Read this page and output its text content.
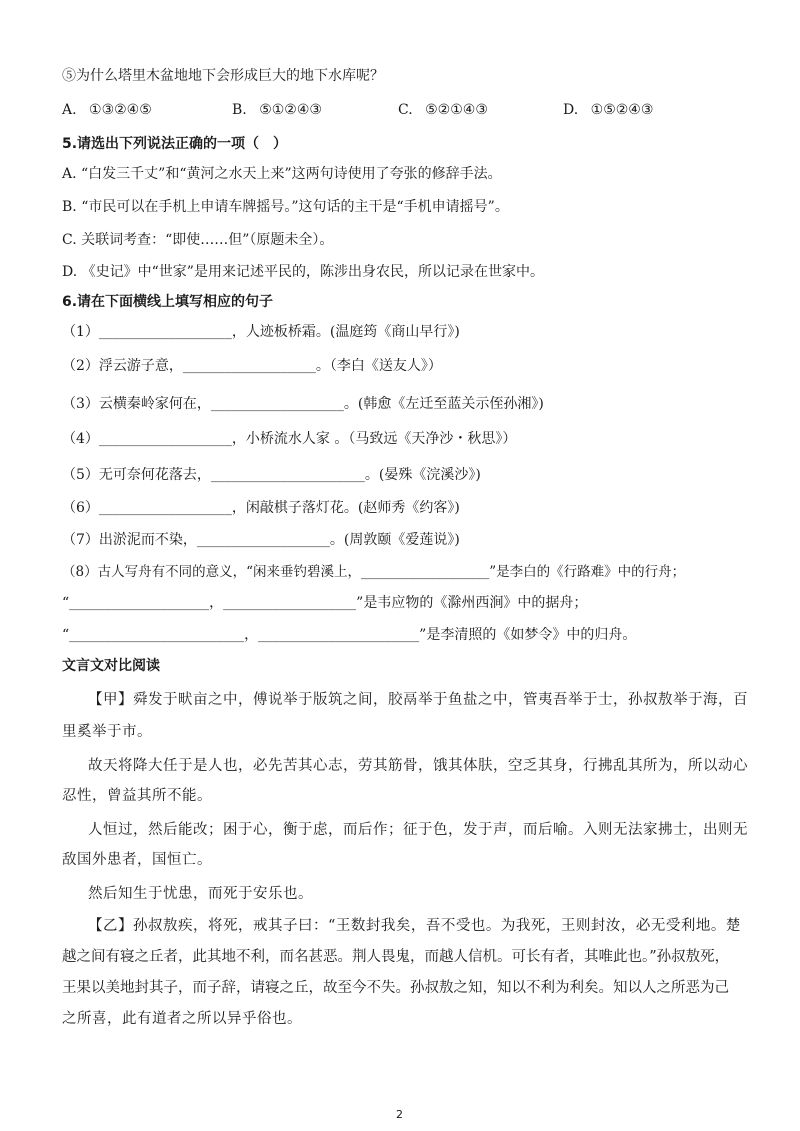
⑤为什么塔里木盆地地下会形成巨大的地下水库呢？
A. ①③②④⑤	B. ⑤①②④③	C. ⑤②①④③	D. ①⑤②④③
5.请选出下列说法正确的一项（　）
A. “白发三千丈”和“黄河之水天上来”这两句诗使用了夸张的修辞手法。
B. “市民可以在手机上申请车牌摇号。”这句话的主干是“手机申请摇号”。
C. 关联词考查：“即使……但”（原题未全）。
D. 《史记》中“世家”是用来记述平民的，陈涉出身农民，所以记录在世家中。
6.请在下面横线上填写相应的句子
（1）___________________，人迹板桥霜。(温庭筠《商山早行》)
（2）浮云游子意，___________________。（李白《送友人》）
（3）云横秦岭家何在，___________________。(韩愈《左迁至蓝关示侄孙湘》)
（4）___________________，小桥流水人家 。（马致远《天净沙・秋思》）
（5）无可奈何花落去，______________________。(晏殊《浣溪沙》)
（6）___________________，闲敲棋子落灯花。(赵师秀《约客》)
（7）出淤泥而不染，___________________。(周敦颐《爱莲说》)
（8）古人写舟有不同的意义，“闲来垂钓碧溪上，___________________”是李白的《行路难》中的行舟；
“____________________，___________________”是韦应物的《滁州西涧》中的据舟；
“_________________________，_______________________”是李清照的《如梦令》中的归舟。
文言文对比阅读
【甲】舜发于畎亩之中，傅说举于版筑之间，胶鬲举于鱼盐之中，管夷吾举于士，孙叔敖举于海，百
里奚举于市。
故天将降大任于是人也，必先苦其心志，劳其筋骨，饿其体肤，空乏其身，行拂乱其所为，所以动心
忍性，曾益其所不能。
人恒过，然后能改；困于心，衡于虑，而后作；征于色，发于声，而后喻。入则无法家拂士，出则无
敌国外患者，国恒亡。
然后知生于忧患，而死于安乐也。
【乙】孙叔敖疾，将死，戒其子曰：“王数封我矣，吾不受也。为我死，王则封汝，必无受利地。楚
越之间有寝之丘者，此其地不利，而名甚恶。荆人畏鬼，而越人信机。可长有者，其唯此也。”孙叔敖死，
王果以美地封其子，而子辞，请寝之丘，故至今不失。孙叔敖之知，知以不利为利矣。知以人之所恶为己
之所喜，此有道者之所以异乎俗也。
2
